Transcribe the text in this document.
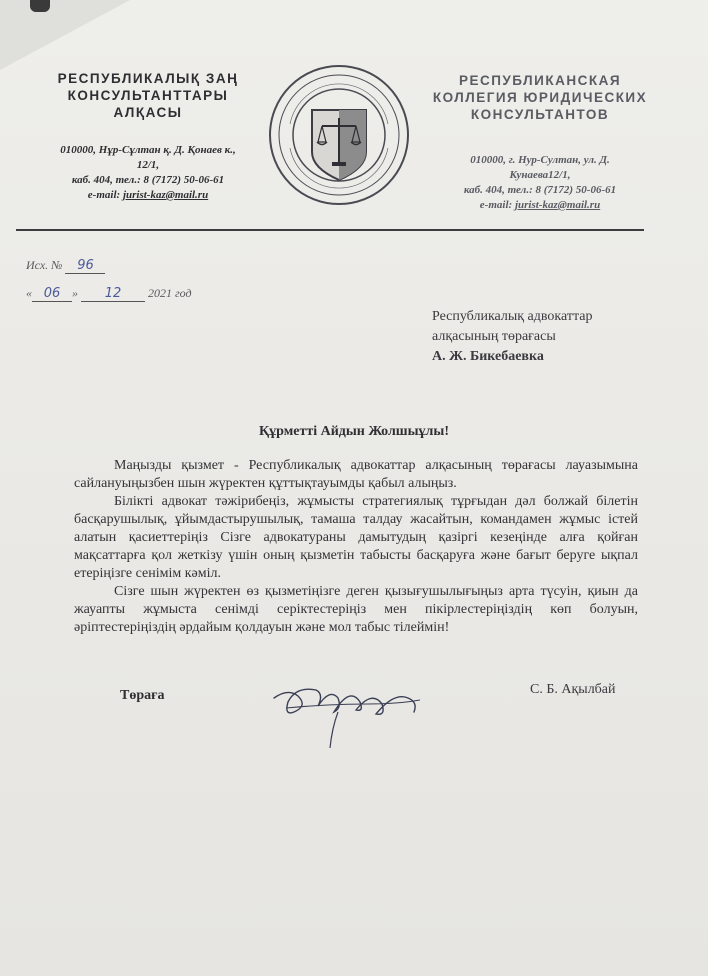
РЕСПУБЛИКАЛЫҚ ЗАҢ
КОНСУЛЬТАНТТАРЫ
АЛҚАСЫ
010000, Нұр-Сұлтан қ. Д. Қонаев к.,
12/1,
каб. 404, тел.: 8 (7172) 50-06-61
e-mail: jurist-kaz@mail.ru
РЕСПУБЛИКАНСКАЯ
КОЛЛЕГИЯ ЮРИДИЧЕСКИХ
КОНСУЛЬТАНТОВ
010000, г. Нур-Султан, ул. Д.
Кунаева12/1,
каб. 404, тел.: 8 (7172) 50-06-61
e-mail: jurist-kaz@mail.ru
Исх. № 96
« 06 » 12 2021 год
Республикалық адвокаттар
алқасының төрағасы
А. Ж. Бикебаевка
Құрметті Айдын Жолшыұлы!

Маңызды қызмет - Республикалық адвокаттар алқасының төрағасы лауазымына сайлануыңызбен шын жүректен құттықтауымды қабыл алыңыз.

Білікті адвокат тәжірибеңіз, жұмысты стратегиялық тұрғыдан дәл болжай білетін басқарушылық, ұйымдастырушылық, тамаша талдау жасайтын, командамен жұмыс істей алатын қасиеттеріңіз Сізге адвокатураны дамытудың қазіргі кезеңінде алға қойған мақсаттарға қол жеткізу үшін оның қызметін табысты басқаруға және бағыт беруге ықпал етеріңізге сенімім кәміл.

Сізге шын жүректен өз қызметіңізге деген қызығушылығыңыз арта түсуін, қиын да жауапты жұмыста сенімді серіктестеріңіз мен пікірлестеріңіздің көп болуын, әріптестеріңіздің әрдайым қолдауын және мол табыс тілеймін!

Төраға	С. Б. Ақылбай
